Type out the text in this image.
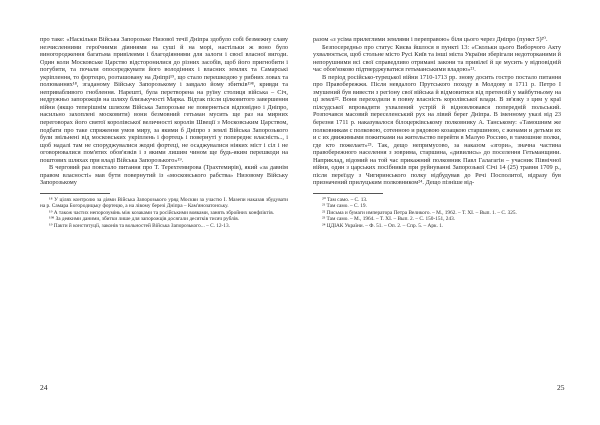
про таке: «Наскільки Війська Запорозьке Низової течії Дніпра здобуло собі безмежну славу незчисленними героїчними діяннями на суші й на морі, настільки ж воно було виногородження багатьма привілеями і благодіяннями для залоги і своєї власної вигоди. Один коли Московське Царство відсторонилися до різних засобів, щоб його пригнобити і погубити, та почали опосередкувати його володіннях і власних землях та Самарські укріплення, то фортецю, розташовану на Дніпрі¹⁹, що стало перешкодою у рибних ловах та полюваннях¹⁸, згаданому Війську Запорозькому і завдало йому збитків¹⁹⁸, кривди та непривабливого гноблення. Нарешті, була перетворена на руїну столиця війська – Січ, недружньо запорожців на шляху близькучості Марка. Відтак після цілковитого завершення війни (якщо теперішнім шляхом Війська Запорозьке не повернеться відповідно і Дніпро, насильно захоплені московити) вони безмовний гетьман мусить ще раз на мирних переговорах його святої королівської величності королів Швеції з Московським Царством, подбати про таке спряження умов миру, за якими б Дніпро з землі Війська Запорозького були звільнені від московських укріплень і фортець і повернуті у попереднє власність.., і щоб надалі там не споруджувалися жодні фортеці, не осаджувалися ніяких міст і сіл і не оговорювалися пом'ятих обов'язків і з якими лишим чином ще будь-яким перешкоди на поштових шляхах при владі Війська Запорозького»¹⁹.

В черговий раз повстало питання про Т. Терехтемирова (Трахтемирів), який «за давнім правом власності» мав бути повернутий із «московського рабства» Низовому Війську Запорозькому

¹⁸ У цілях контролю за діями Війська Запорозького уряд Москви за участю І. Мазепи наказав збудувати на р. Самара Богородицьку фортецю, а на лівому березі Дніпра – Кам'янозатонську.

¹⁹ А також частих непорозумінь між козаками та російськими вояками, занять збройних конфліктів.

¹⁹⁸ За деякими даними, збитки лише для запорожців досягали десятків тисяч рублів.

¹⁹ Пакти й конституції, законів та вольностей Війська Запорозького... – С. 12-13.

разом «з усіма прилеглими землями і переправою» біля цього через Дніпро (пункт 5)²⁰.

Безпосередньо про статус Києва йшлося в пункті 13: «Скольки цього Виборчого Акту ухвалюється, щоб стольне місто Русі Київ та інші міста України зберігали недоторканими й непорушними всі свої справедливо отримані закони та привілеї й це мусить у відповідній час обов'язково підтверджуватися гетьманськими владою»²¹.

В період російсько-турецької війни 1710-1713 рр. знову досить гостро постало питання про Правобережжя. Після невдалого Прутського походу в Молдову в 1711 р. Петро I змушений був вивести з регіону свої війська й відмовитися від претензій у майбутньому на ці землі²². Вони переходили в повну власність королівської влади. В зв'язку з цим у краї пілсудської впровадити ухвалений устрій й відновлювався попередній польський. Розпочався масовий переселенський рух на лівий берег Дніпра. В іменному указі від 23 березня 1711 р. наказувалося білоцерківському полковнику А. Танському: «Тамошним же полковникам с полковою, сотенною и рядовою козацкою старшиною, с женами и детьми их и с их движимыми пожитками на жительство перейти в Малую Россию, в тамошние полки, где кто пожелает»²³. Так, дещо непримусово, за наказом «згори», значна частина правобережного населення з зоврима, старшина, «дивились» до поселення Гетьманщини. Наприклад, відомий на той час прикажний полковник Павл Галагагін – учасник Північної війни, один з царських посібників при руйнуванні Запорозької Січі 14 (25) травня 1709 р., після переїзду з Чигиринського полку відбудував до Речі Посполитої, відразу був призначений прилуцьким полковником²⁴. Дещо пізніше від-

²⁰ Там само. – С. 13.

²¹ Там само. – С. 19.

²² Письма и бумаги императора Петра Великого. – М., 1962. – Т. XI. – Вып. 1. – С. 325.

²³ Там само. – М., 1964. – Т. XI. – Вып. 2. – С. 150-151, 243.

²⁴ ЦДІАК України. – Ф. 51. – Оп. 2. – Спр. 5. – Арк. 1.

24	25
